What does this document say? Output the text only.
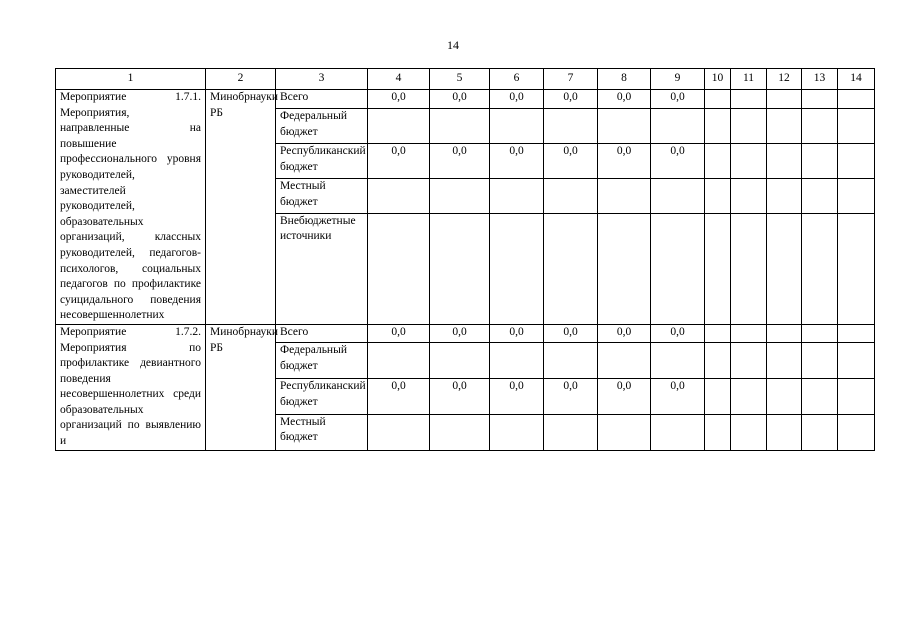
14
1	2	3	4	5	6	7	8	9	10	11	12	13	14
Мероприятие 1.7.1. Мероприятия, направленные на повышение профессионального уровня руководителей, заместителей руководителей, образовательных организаций, классных руководителей, педагогов-психологов, социальных педагогов по профилактике суицидального поведения несовершеннолетних	Минобрнауки РБ	Всего	0,0	0,0	0,0	0,0	0,0	0,0					
		Федеральный бюджет											
		Республиканский бюджет	0,0	0,0	0,0	0,0	0,0	0,0					
		Местный бюджет											
		Внебюджетные источники											
Мероприятие 1.7.2. Мероприятия по профилактике девиантного поведения несовершеннолетних среди образовательных организаций по выявлению и	Минобрнауки РБ	Всего	0,0	0,0	0,0	0,0	0,0	0,0					
		Федеральный бюджет											
		Республиканский бюджет	0,0	0,0	0,0	0,0	0,0	0,0					
		Местный бюджет											
